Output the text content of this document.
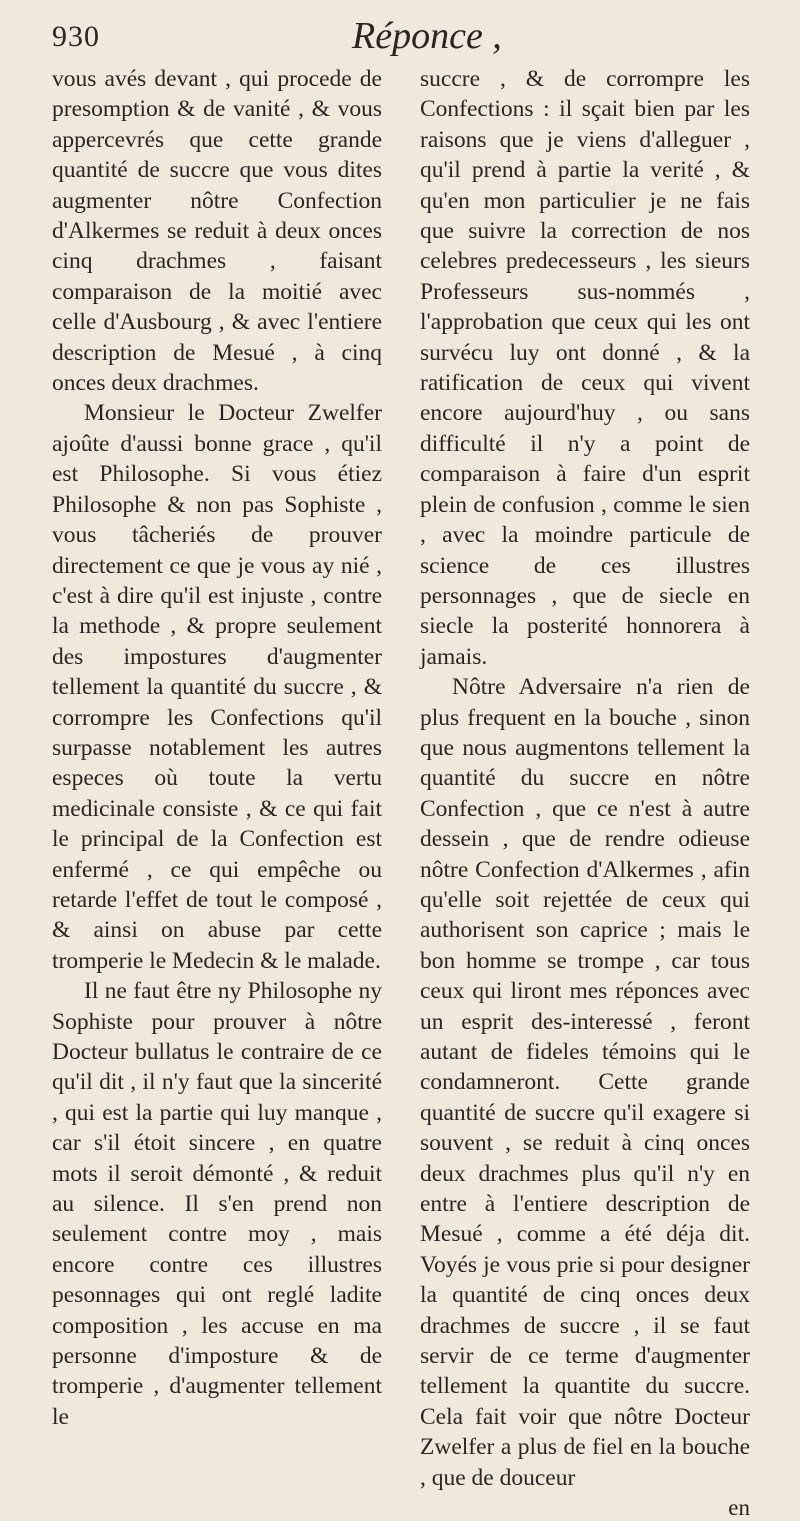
930	Réponce ,

vous avés devant , qui procede de presomption & de vanité , & vous appercevrés que cette grande quantité de succre que vous dites augmenter nôtre Confection d'Alkermes se reduit à deux onces cinq drachmes , faisant comparaison de la moitié avec celle d'Ausbourg , & avec l'entiere description de Mesué , à cinq onces deux drachmes.

Monsieur le Docteur Zwelfer ajoûte d'aussi bonne grace , qu'il est Philosophe. Si vous étiez Philosophe & non pas Sophiste , vous tâcheriés de prouver directement ce que je vous ay nié , c'est à dire qu'il est injuste , contre la methode , & propre seulement des impostures d'augmenter tellement la quantité du succre , & corrompre les Confections qu'il surpasse notablement les autres especes où toute la vertu medicinale consiste , & ce qui fait le principal de la Confection est enfermé , ce qui empêche ou retarde l'effet de tout le composé , & ainsi on abuse par cette tromperie le Medecin & le malade.

Il ne faut être ny Philosophe ny Sophiste pour prouver à nôtre Docteur bullatus le contraire de ce qu'il dit , il n'y faut que la sincerité , qui est la partie qui luy manque , car s'il étoit sincere , en quatre mots il seroit démonté , & reduit au silence. Il s'en prend non seulement contre moy , mais encore contre ces illustres pesonnages qui ont reglé ladite composition , les accuse en ma personne d'imposture & de tromperie , d'augmenter tellement le

succre , & de corrompre les Confections : il sçait bien par les raisons que je viens d'alleguer , qu'il prend à partie la verité , & qu'en mon particulier je ne fais que suivre la correction de nos celebres predecesseurs , les sieurs Professeurs sus-nommés , l'approbation que ceux qui les ont survécu luy ont donné , & la ratification de ceux qui vivent encore aujourd'huy , ou sans difficulté il n'y a point de comparaison à faire d'un esprit plein de confusion , comme le sien , avec la moindre particule de science de ces illustres personnages , que de siecle en siecle la posterité honnorera à jamais.

Nôtre Adversaire n'a rien de plus frequent en la bouche , sinon que nous augmentons tellement la quantité du succre en nôtre Confection , que ce n'est à autre dessein , que de rendre odieuse nôtre Confection d'Alkermes , afin qu'elle soit rejettée de ceux qui authorisent son caprice ; mais le bon homme se trompe , car tous ceux qui liront mes réponces avec un esprit des-interessé , feront autant de fideles témoins qui le condamneront. Cette grande quantité de succre qu'il exagere si souvent , se reduit à cinq onces deux drachmes plus qu'il n'y en entre à l'entiere description de Mesué , comme a été déja dit. Voyés je vous prie si pour designer la quantité de cinq onces deux drachmes de succre , il se faut servir de ce terme d'augmenter tellement la quantite du succre. Cela fait voir que nôtre Docteur Zwelfer a plus de fiel en la bouche , que de douceur

en
